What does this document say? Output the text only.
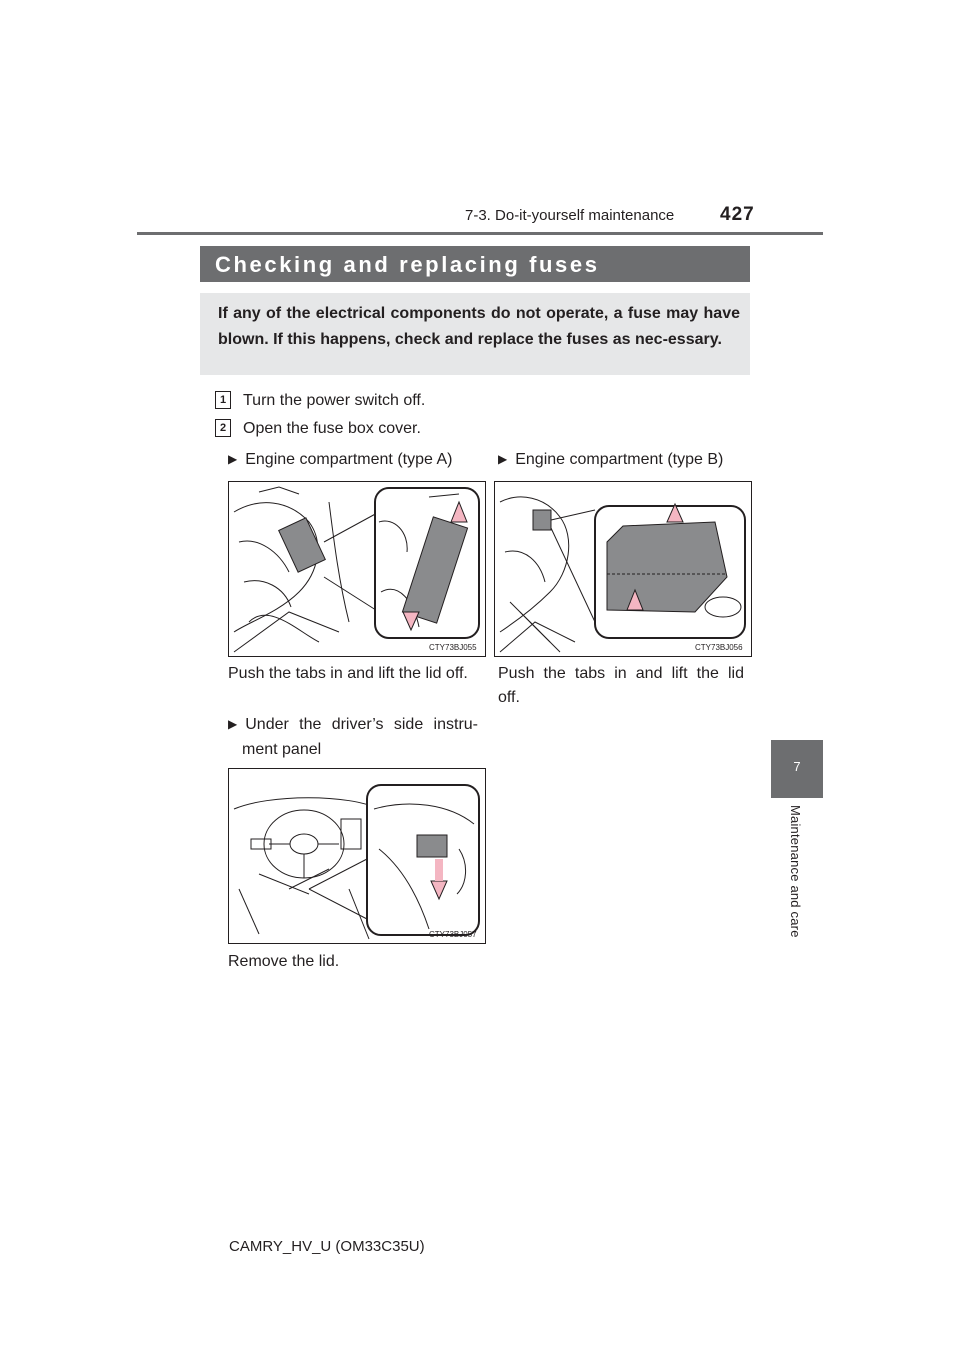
7-3. Do-it-yourself maintenance 427
7
Maintenance and care
Checking and replacing fuses
If any of the electrical components do not operate, a fuse may have blown. If this happens, check and replace the fuses as nec-essary.
1	Turn the power switch off.
2	Open the fuse box cover.
▶ Engine compartment (type A)
CTY73BJ055
Push the tabs in and lift the lid off.
▶ Engine compartment (type B)
CTY73BJ056
Push the tabs in and lift the lid
off.
▶ Under the driver’s side instru-
ment panel
CTY73BJ057
Remove the lid.
CAMRY_HV_U (OM33C35U)
